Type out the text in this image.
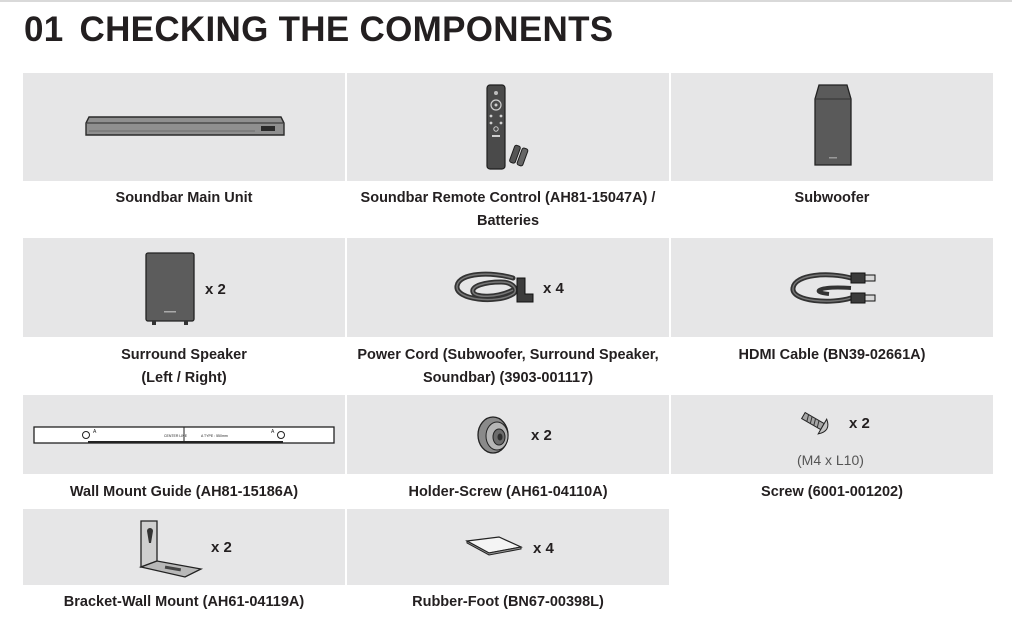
01 CHECKING THE COMPONENTS
Soundbar Main Unit	Soundbar Remote Control (AH81-15047A) /
Batteries
Subwoofer
x 2
Surround Speaker
(Left / Right)
x 4
Power Cord (Subwoofer, Surround Speaker,
Soundbar) (3903-001117)
HDMI Cable (BN39-02661A)
A
CENTER LINE	A TYPE : 550mm
A
Wall Mount Guide (AH81-15186A)
x 2
Holder-Screw (AH61-04110A)
x 2
(M4 x L10)
Screw (6001-001202)
x 2
Bracket-Wall Mount (AH61-04119A)
x 4
Rubber-Foot (BN67-00398L)
